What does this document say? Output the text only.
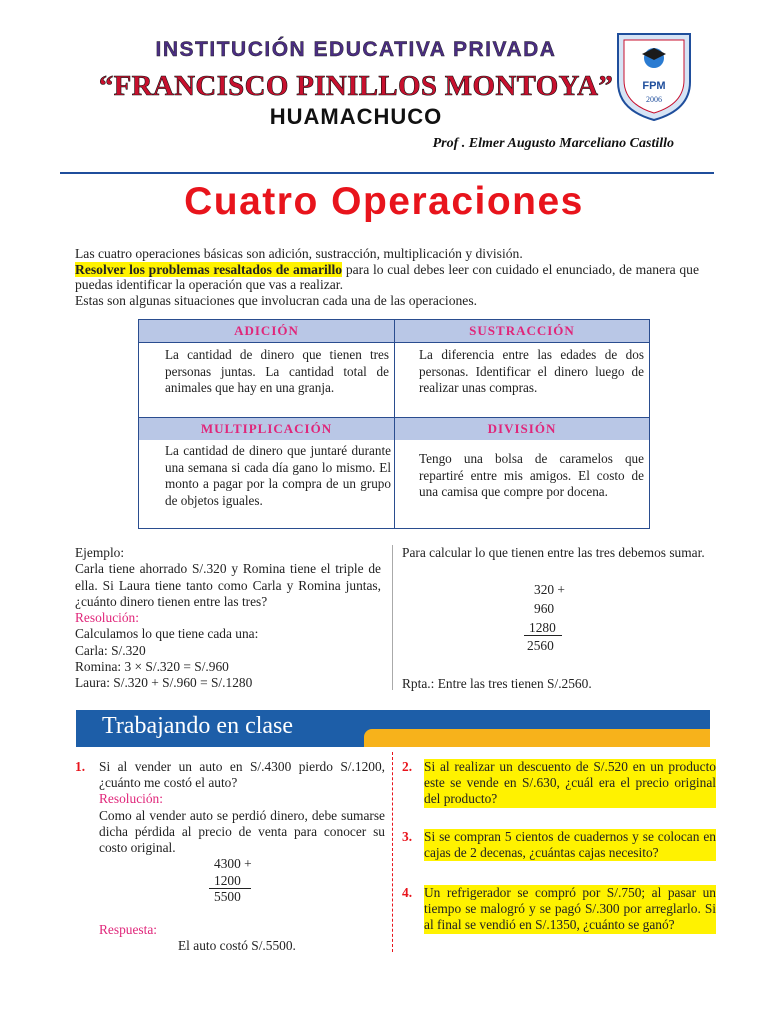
INSTITUCIÓN EDUCATIVA PRIVADA
“FRANCISCO PINILLOS MONTOYA”
HUAMACHUCO
Prof . Elmer Augusto Marceliano Castillo
FPM
2006
Cuatro Operaciones

Las cuatro operaciones básicas son adición, sustracción, multiplicación y división.

Resolver los problemas resaltados de amarillo para lo cual debes leer con cuidado el enunciado, de manera que puedas identificar la operación que vas a realizar.

Estas son algunas situaciones que involucran cada una de las operaciones.

ADICIÓN	SUSTRACCIÓN
La cantidad de dinero que tienen tres personas juntas. La cantidad total de animales que hay en una granja.
La diferencia entre las edades de dos personas. Identificar el dinero luego de realizar unas compras.
MULTIPLICACIÓN	DIVISIÓN
La cantidad de dinero que juntaré durante una semana si cada día gano lo mismo. El monto a pagar por la compra de un grupo de objetos iguales.
Tengo una bolsa de caramelos que repartiré entre mis amigos. El costo de una camisa que compre por docena.

Ejemplo:

Carla tiene ahorrado S/.320 y Romina tiene el triple de ella. Si Laura tiene tanto como Carla y Romina juntas, ¿cuánto dinero tienen entre las tres?

Resolución:

Calculamos lo que tiene cada una:

Carla: S/.320

Romina: 3 × S/.320 = S/.960

Laura: S/.320 + S/.960 = S/.1280

Para calcular lo que tienen entre las tres debemos sumar.
320 +
960
1280
2560
Rpta.: Entre las tres tienen S/.2560.
Trabajando en clase
1. Si al vender un auto en S/.4300 pierdo S/.1200, ¿cuánto me costó el auto?

Resolución:

Como al vender auto se perdió dinero, debe sumarse dicha pérdida al precio de venta para conocer su costo original.

4300 +
1200
5500
Respuesta:
El auto costó S/.5500.
2. Si al realizar un descuento de S/.520 en un producto este se vende en S/.630, ¿cuál era el precio original del producto?
3. Si se compran 5 cientos de cuadernos y se colocan en cajas de 2 decenas, ¿cuántas cajas necesito?
4. Un refrigerador se compró por S/.750; al pasar un tiempo se malogró y se pagó S/.300 por arreglarlo. Si al final se vendió en S/.1350, ¿cuánto se ganó?
